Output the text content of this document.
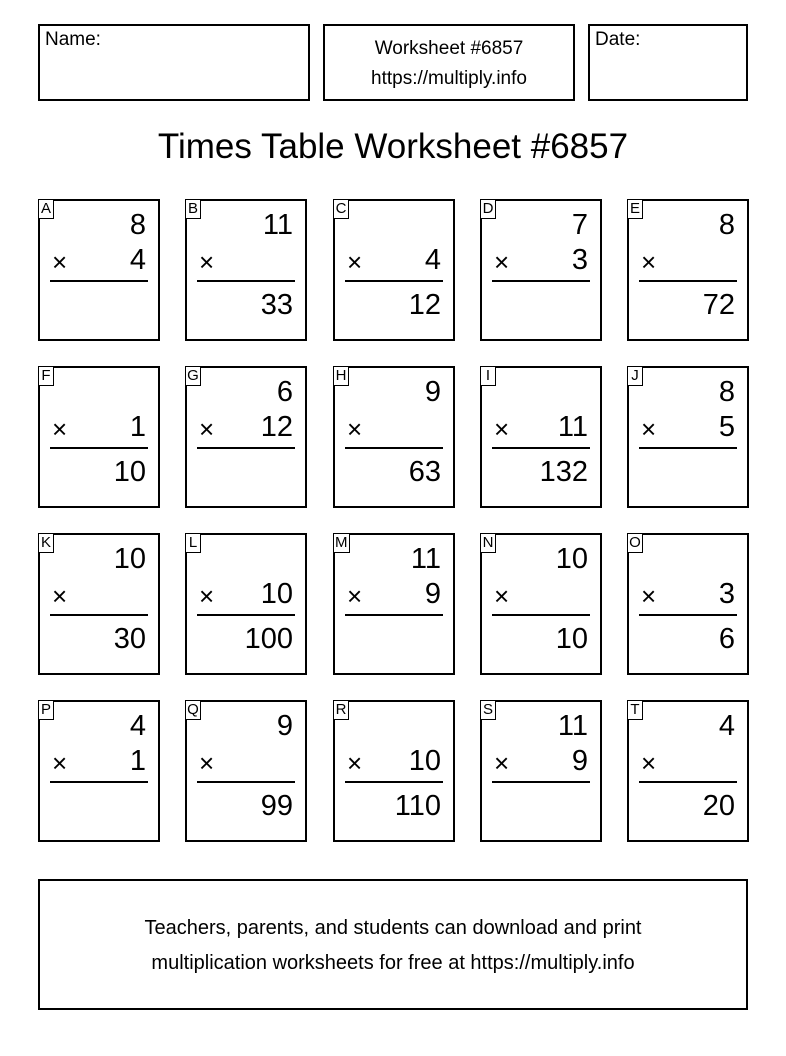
Name:	Worksheet #6857
https://multiply.info
Date:
Times Table Worksheet #6857
A
8
× 4
B
11
×
33
C
× 4
12
D
7
× 3
E
8
×
72
F
× 1
10
G
6
× 12
H
9
×
63
I
× 11
132
J
8
× 5
K
10
×
30
L
× 10
100
M
11
× 9
N
10
×
10
O
× 3
6
P
4
× 1
Q
9
×
99
R
× 10
110
S
11
× 9
T
4
×
20
Teachers, parents, and students can download and print
multiplication worksheets for free at https://multiply.info
